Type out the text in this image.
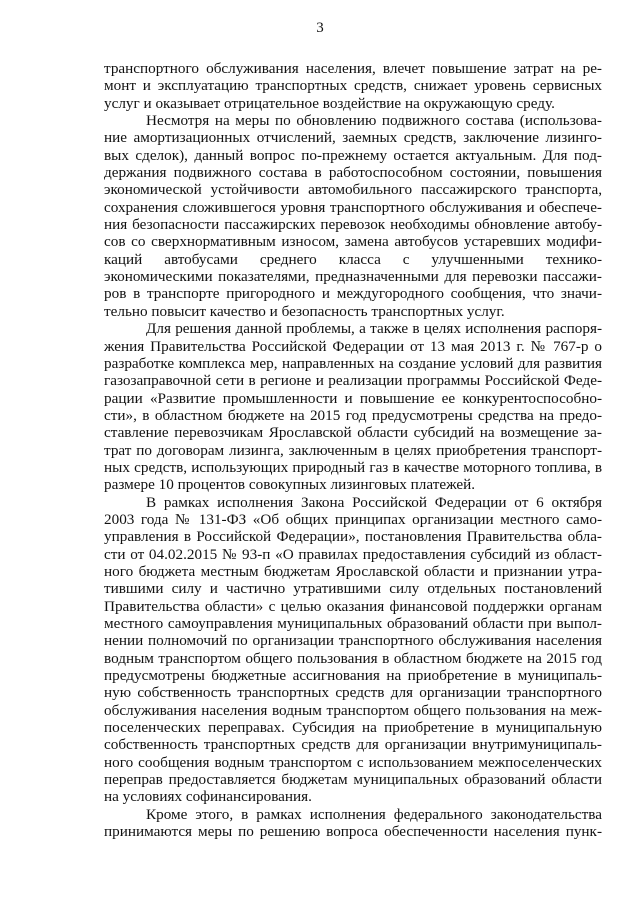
3
транспортного обслуживания населения, влечет повышение затрат на ре-
монт и эксплуатацию транспортных средств, снижает уровень сервисных
услуг и оказывает отрицательное воздействие на окружающую среду.
Несмотря на меры по обновлению подвижного состава (использова-
ние амортизационных отчислений, заемных средств, заключение лизинго-
вых сделок), данный вопрос по-прежнему остается актуальным. Для под-
держания подвижного состава в работоспособном состоянии, повышения
экономической устойчивости автомобильного пассажирского транспорта,
сохранения сложившегося уровня транспортного обслуживания и обеспече-
ния безопасности пассажирских перевозок необходимы обновление автобу-
сов со сверхнормативным износом, замена автобусов устаревших модифи-
каций автобусами среднего класса с улучшенными технико-
экономическими показателями, предназначенными для перевозки пассажи-
ров в транспорте пригородного и междугородного сообщения, что значи-
тельно повысит качество и безопасность транспортных услуг.
Для решения данной проблемы, а также в целях исполнения распоря-
жения Правительства Российской Федерации от 13 мая 2013 г. № 767-р о
разработке комплекса мер, направленных на создание условий для развития
газозаправочной сети в регионе и реализации программы Российской Феде-
рации «Развитие промышленности и повышение ее конкурентоспособно-
сти», в областном бюджете на 2015 год предусмотрены средства на предо-
ставление перевозчикам Ярославской области субсидий на возмещение за-
трат по договорам лизинга, заключенным в целях приобретения транспорт-
ных средств, использующих природный газ в качестве моторного топлива, в
размере 10 процентов совокупных лизинговых платежей.
В рамках исполнения Закона Российской Федерации от 6 октября
2003 года № 131-ФЗ «Об общих принципах организации местного само-
управления в Российской Федерации», постановления Правительства обла-
сти от 04.02.2015 № 93-п «О правилах предоставления субсидий из област-
ного бюджета местным бюджетам Ярославской области и признании утра-
тившими силу и частично утратившими силу отдельных постановлений
Правительства области» с целью оказания финансовой поддержки органам
местного самоуправления муниципальных образований области при выпол-
нении полномочий по организации транспортного обслуживания населения
водным транспортом общего пользования в областном бюджете на 2015 год
предусмотрены бюджетные ассигнования на приобретение в муниципаль-
ную собственность транспортных средств для организации транспортного
обслуживания населения водным транспортом общего пользования на меж-
поселенческих переправах. Субсидия на приобретение в муниципальную
собственность транспортных средств для организации внутримуниципаль-
ного сообщения водным транспортом с использованием межпоселенческих
переправ предоставляется бюджетам муниципальных образований области
на условиях софинансирования.
Кроме этого, в рамках исполнения федерального законодательства
принимаются меры по решению вопроса обеспеченности населения пунк-
